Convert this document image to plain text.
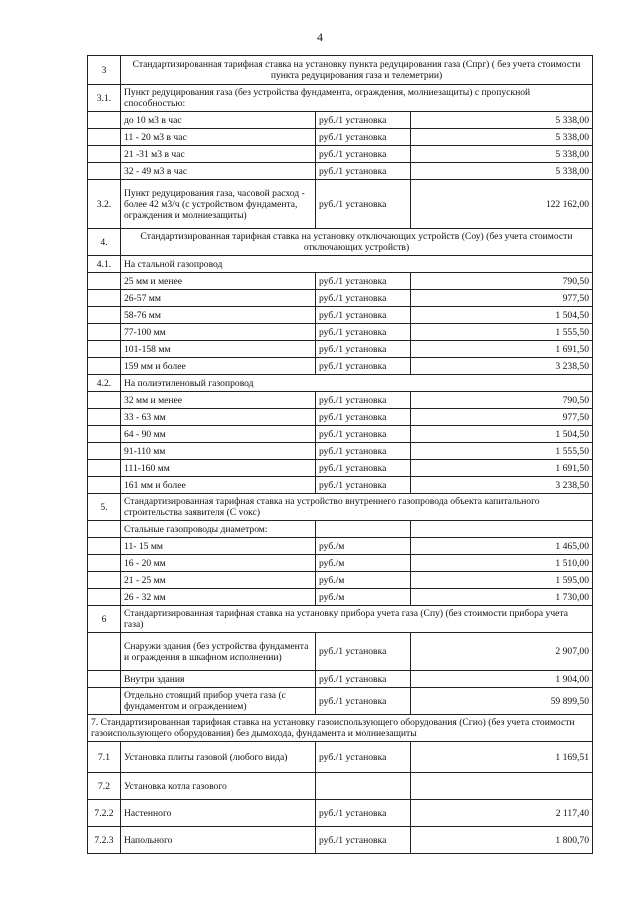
4
3	Стандартизированная тарифная ставка на установку пункта редуцирования газа (Cпрг) ( без учета стоимости пункта редуцирования газа и телеметрии)		
3.1.	Пункт редуцирования газа (без устройства фундамента, ограждения, молниезащиты) с пропускной способностью:		
	до 10 м3 в час	руб./1 установка	5 338,00
	11 - 20 м3 в час	руб./1 установка	5 338,00
	21 -31 м3 в час	руб./1 установка	5 338,00
	32 - 49 м3 в час	руб./1 установка	5 338,00
3.2.	Пункт редуцирования газа, часовой расход - более 42 м3/ч (с устройством фундамента, ограждения и молниезащиты)	руб./1 установка	122 162,00
4.	Стандартизированная тарифная ставка на установку отключающих устройств (Cоу) (без учета стоимости отключающих устройств)		
4.1.	На стальной газопровод		
	25 мм и менее	руб./1 установка	790,50
	26-57 мм	руб./1 установка	977,50
	58-76 мм	руб./1 установка	1 504,50
	77-100 мм	руб./1 установка	1 555,50
	101-158 мм	руб./1 установка	1 691,50
	159 мм и более	руб./1 установка	3 238,50
4.2.	На полиэтиленовый газопровод		
	32 мм и менее	руб./1 установка	790,50
	33 - 63 мм	руб./1 установка	977,50
	64 - 90 мм	руб./1 установка	1 504,50
	91-110 мм	руб./1 установка	1 555,50
	111-160 мм	руб./1 установка	1 691,50
	161 мм и более	руб./1 установка	3 238,50
5.	Стандартизированная тарифная ставка на устройство внутреннего газопровода объекта капитального строительства заявителя (С vокс)		
	Стальные газопроводы диаметром:		
	11- 15 мм	руб./м	1 465,00
	16 - 20 мм	руб./м	1 510,00
	21 - 25 мм	руб./м	1 595,00
	26 - 32 мм	руб./м	1 730,00
6	Стандартизированная тарифная ставка на установку прибора учета газа (Cпу) (без стоимости прибора учета газа)		
	Снаружи здания (без устройства фундамента и ограждения в шкафном исполнении)	руб./1 установка	2 907,00
	Внутри здания	руб./1 установка	1 904,00
	Отдельно стоящий прибор учета газа (с фундаментом и ограждением)	руб./1 установка	59 899,50
7. Стандартизированная тарифная ставка на установку газоиспользующего оборудования (Cгио) (без учета стоимости газоиспользующего оборудования) без дымохода, фундамента и молниезащиты			
7.1	Установка плиты газовой (любого вида)	руб./1 установка	1 169,51
7.2	Установка котла газового		
7.2.2	Настенного	руб./1 установка	2 117,40
7.2.3	Напольного	руб./1 установка	1 800,70
